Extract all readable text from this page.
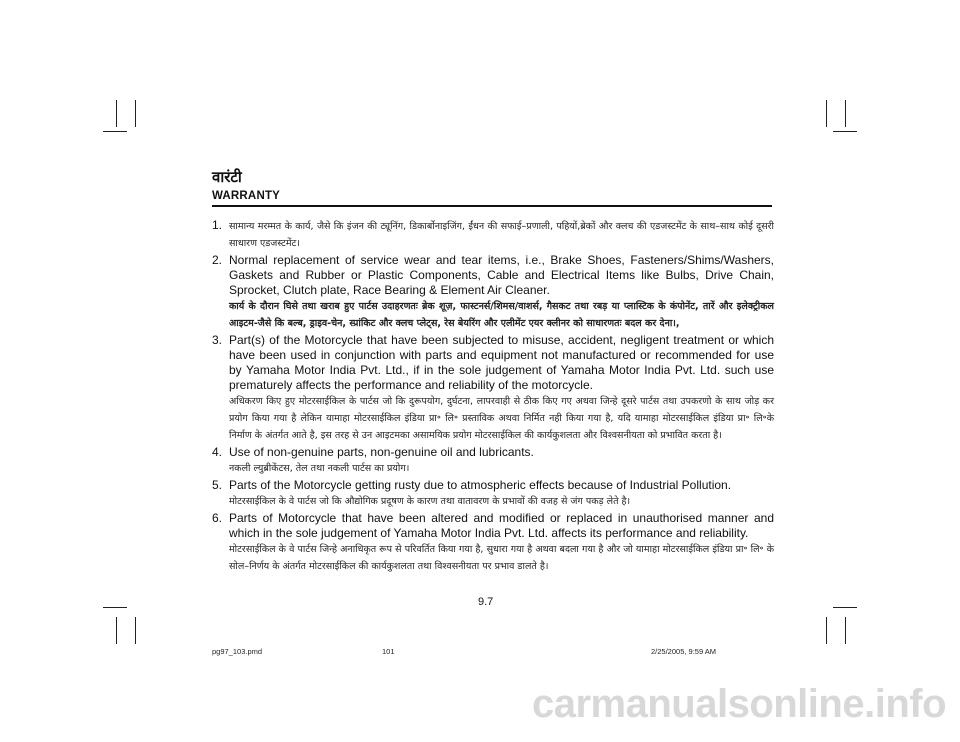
वारंटी
WARRANTY
1. सामान्य मरम्मत के कार्य, जैसे कि इंजन की ट्यूनिंग, डिकार्बोनाइजिंग, ईंधन की सफाई–प्रणाली, पहियों,ब्रेकों और क्लच की एडजस्टमेंट के साथ–साथ कोई दूसरी साधारण एडजस्टमेंट।

2. Normal replacement of service wear and tear items, i.e., Brake Shoes, Fasteners/Shims/Washers, Gaskets and Rubber or Plastic Components, Cable and Electrical Items like Bulbs, Drive Chain, Sprocket, Clutch plate, Race Bearing & Element Air Cleaner.

कार्य के दौरान घिसे तथा खराब हुए पार्टस उदाहरणतः ब्रेक शूज़, फास्टनर्स/शिमस/वाशर्स, गैसकट तथा रबड़ या प्लास्टिक के कंपोनेंट, तारें और इलेक्ट्रीकल आइटम-जैसे कि बल्ब, ड्राइव-चेन, स्प्रांकिट और क्लच प्लेट्स, रेस बेयरिंग और एलीमेंट एयर क्लीनर को साधारणतः बदल कर देना।,

3. Part(s) of the Motorcycle that have been subjected to misuse, accident, negligent treatment or which have been used in conjunction with parts and equipment not manufactured or recommended for use by Yamaha Motor India Pvt. Ltd., if in the sole judgement of Yamaha Motor India Pvt. Ltd. such use prematurely affects the performance and reliability of the motorcycle.

अधिकरण किए हुए मोटरसाईकिल के पार्टस जो कि दुरूपयोग, दुर्घटना, लापरवाही से ठीक किए गए अथवा जिन्हे दूसरे पार्टस तथा उपकरणो के साथ जोड़ कर प्रयोग किया गया है लेकिन यामाहा मोटरसाईकिल इंडिया प्रा॰ लि॰ प्रस्ताविक अथवा निर्मित नही किया गया है, यदि यामाहा मोटरसाईकिल इंडिया प्रा॰ लि॰के निर्माण के अंतर्गत आते है, इस तरह से उन आइटमका असामयिक प्रयोग मोटरसाईकिल की कार्यकुशलता और विश्वसनीयता को प्रभावित करता है।

4. Use of non-genuine parts, non-genuine oil and lubricants.

नकली ल्युब्रीकेंटस, तेल तथा नकली पार्टस का प्रयोग।

5. Parts of the Motorcycle getting rusty due to atmospheric effects because of Industrial Pollution.

मोटरसाईकिल के वे पार्टस जो कि औद्योगिक प्रदूषण के कारण तथा वातावरण के प्रभावों की वजह से जंग पकड़ लेते है।

6. Parts of Motorcycle that have been altered and modified or replaced in unauthorised manner and which in the sole judgement of Yamaha Motor India Pvt. Ltd. affects its performance and reliability.

मोटरसाईकिल के वे पार्टस जिन्हे अनाधिकृत रूप से परिवर्तित किया गया है, सुधारा गया है अथवा बदला गया है और जो यामाहा मोटरसाईकिल इंडिया प्रा॰ लि॰ के सोल–निर्णय के अंतर्गत मोटरसाईकिल की कार्यकुशलता तथा विश्वसनीयता पर प्रभाव डालते है।

9.7
pg97_103.pmd	101	2/25/2005, 9:59 AM
carmanualsonline.info
